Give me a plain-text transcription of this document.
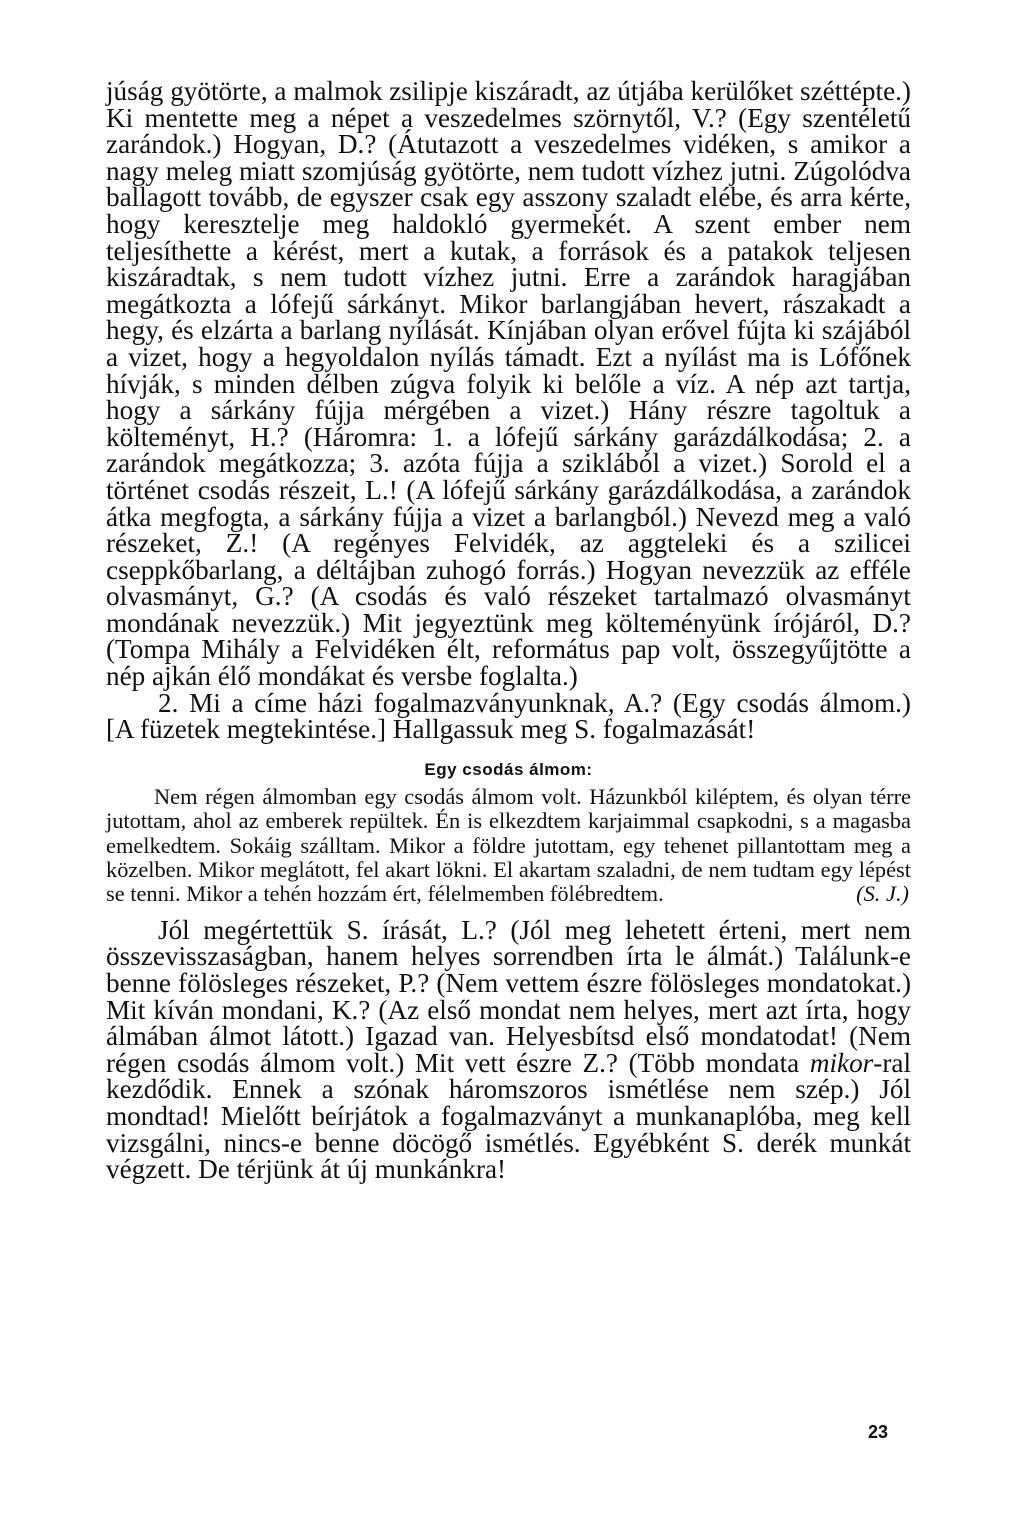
júság gyötörte, a malmok zsilipje kiszáradt, az útjába kerülőket széttépte.) Ki mentette meg a népet a veszedelmes szörnytől, V.? (Egy szentéletű zarándok.) Hogyan, D.? (Átutazott a veszedelmes vidéken, s amikor a nagy meleg miatt szomjúság gyötörte, nem tudott vízhez jutni. Zúgolódva ballagott tovább, de egyszer csak egy asszony szaladt elébe, és arra kérte, hogy keresztelje meg haldokló gyermekét. A szent ember nem teljesíthette a kérést, mert a kutak, a források és a patakok teljesen kiszáradtak, s nem tudott vízhez jutni. Erre a zarándok haragjában megátkozta a lófejű sárkányt. Mikor barlangjában hevert, rászakadt a hegy, és elzárta a barlang nyílását. Kínjában olyan erővel fújta ki szájából a vizet, hogy a hegyoldalon nyílás támadt. Ezt a nyílást ma is Lófőnek hívják, s minden délben zúgva folyik ki belőle a víz. A nép azt tartja, hogy a sárkány fújja mérgében a vizet.) Hány részre tagoltuk a költeményt, H.? (Háromra: 1. a lófejű sárkány garázdálkodása; 2. a zarándok megátkozza; 3. azóta fújja a sziklából a vizet.) Sorold el a történet csodás részeit, L.! (A lófejű sárkány garázdálkodása, a zarándok átka megfogta, a sárkány fújja a vizet a barlangból.) Nevezd meg a való részeket, Z.! (A regényes Felvidék, az aggteleki és a szilicei cseppkőbarlang, a déltájban zuhogó forrás.) Hogyan nevezzük az efféle olvasmányt, G.? (A csodás és való részeket tartalmazó olvasmányt mondának nevezzük.) Mit jegyeztünk meg költeményünk írójáról, D.? (Tompa Mihály a Felvidéken élt, református pap volt, összegyűjtötte a nép ajkán élő mondákat és versbe foglalta.)

2. Mi a címe házi fogalmazványunknak, A.? (Egy csodás álmom.) [A füzetek megtekintése.] Hallgassuk meg S. fogalmazását!

Egy csodás álmom:

Nem régen álmomban egy csodás álmom volt. Házunkból kiléptem, és olyan térre jutottam, ahol az emberek repültek. Én is elkezdtem karjaimmal csapkodni, s a magasba emelkedtem. Sokáig szálltam. Mikor a földre jutottam, egy tehenet pillantottam meg a közelben. Mikor meglátott, fel akart lökni. El akartam szaladni, de nem tudtam egy lépést se tenni. Mikor a tehén hozzám ért, félelmemben fölébredtem.	(S. J.)

Jól megértettük S. írását, L.? (Jól meg lehetett érteni, mert nem összevisszaságban, hanem helyes sorrendben írta le álmát.) Találunk-e benne fölösleges részeket, P.? (Nem vettem észre fölösleges mondatokat.) Mit kíván mondani, K.? (Az első mondat nem helyes, mert azt írta, hogy álmában álmot látott.) Igazad van. Helyesbítsd első mondatodat! (Nem régen csodás álmom volt.) Mit vett észre Z.? (Több mondata mikor-ral kezdődik. Ennek a szónak háromszoros ismétlése nem szép.) Jól mondtad! Mielőtt beírjátok a fogalmazványt a munkanaplóba, meg kell vizsgálni, nincs-e benne döcögő ismétlés. Egyébként S. derék munkát végzett. De térjünk át új munkánkra!

23
